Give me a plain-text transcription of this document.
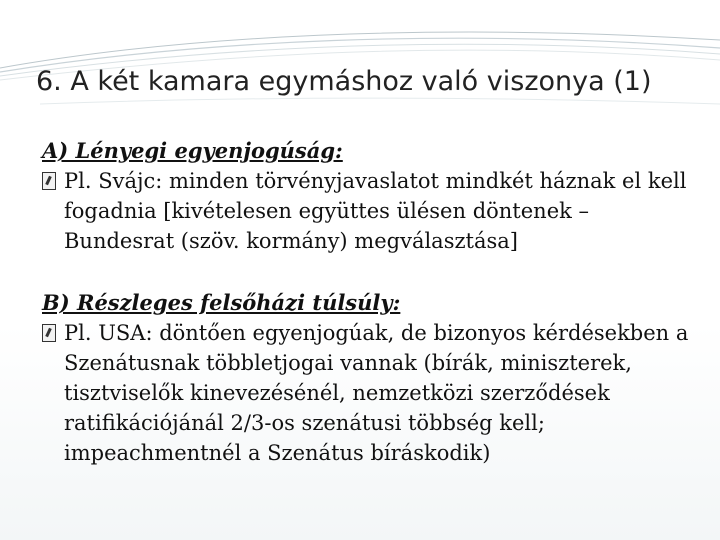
6. A két kamara egymáshoz való viszonya (1)

A) Lényegi egyenjogúság:

Pl. Svájc: minden törvényjavaslatot mindkét háznak el kell fogadnia [kivételesen együttes ülésen döntenek – Bundesrat (szöv. kormány) megválasztása]

B) Részleges felsőházi túlsúly:

Pl. USA: döntően egyenjogúak, de bizonyos kérdésekben a Szenátusnak többletjogai vannak (bírák, miniszterek, tisztviselők kinevezésénél, nemzetközi szerződések ratifikációjánál 2/3-os szenátusi többség kell; impeachmentnél a Szenátus bíráskodik)
